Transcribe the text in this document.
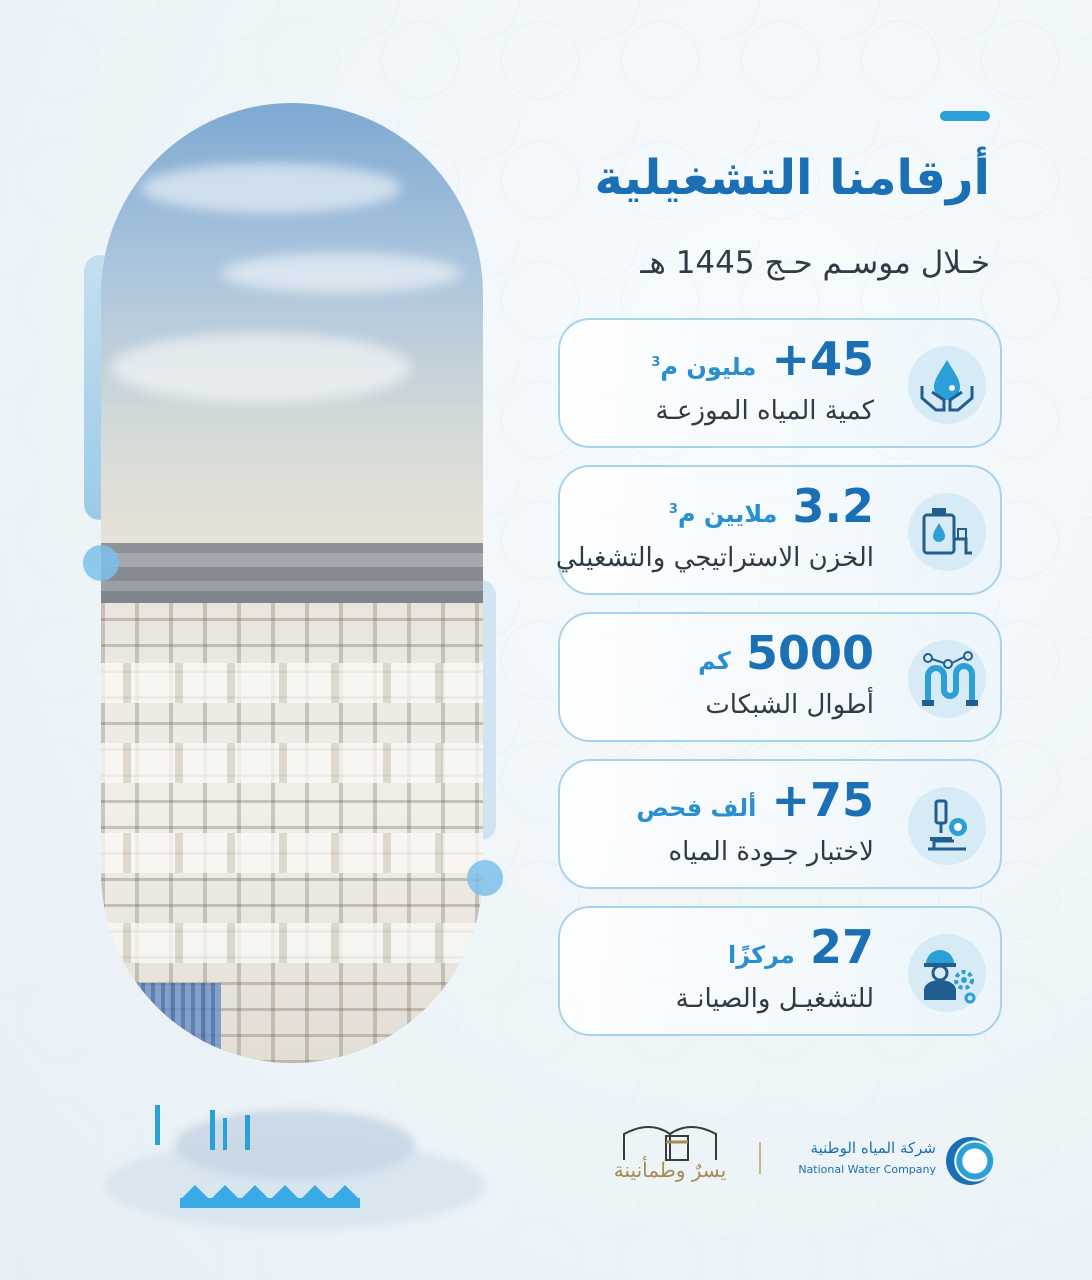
أرقامنا التشغيلية
خـلال موسـم حـج 1445 هـ
45+ مليون م$^3$
كمية المياه الموزعـة
3.2 ملايين م$^3$
الخزن الاستراتيجي والتشغيلي
5000 كم
أطوال الشبكات
75+ ألف فحص
لاختبار جـودة المياه
27 مركزًا
للتشغيـل والصيانـة
يسرٌ وطمأنينة
شركة المياه الوطنية
National Water Company
